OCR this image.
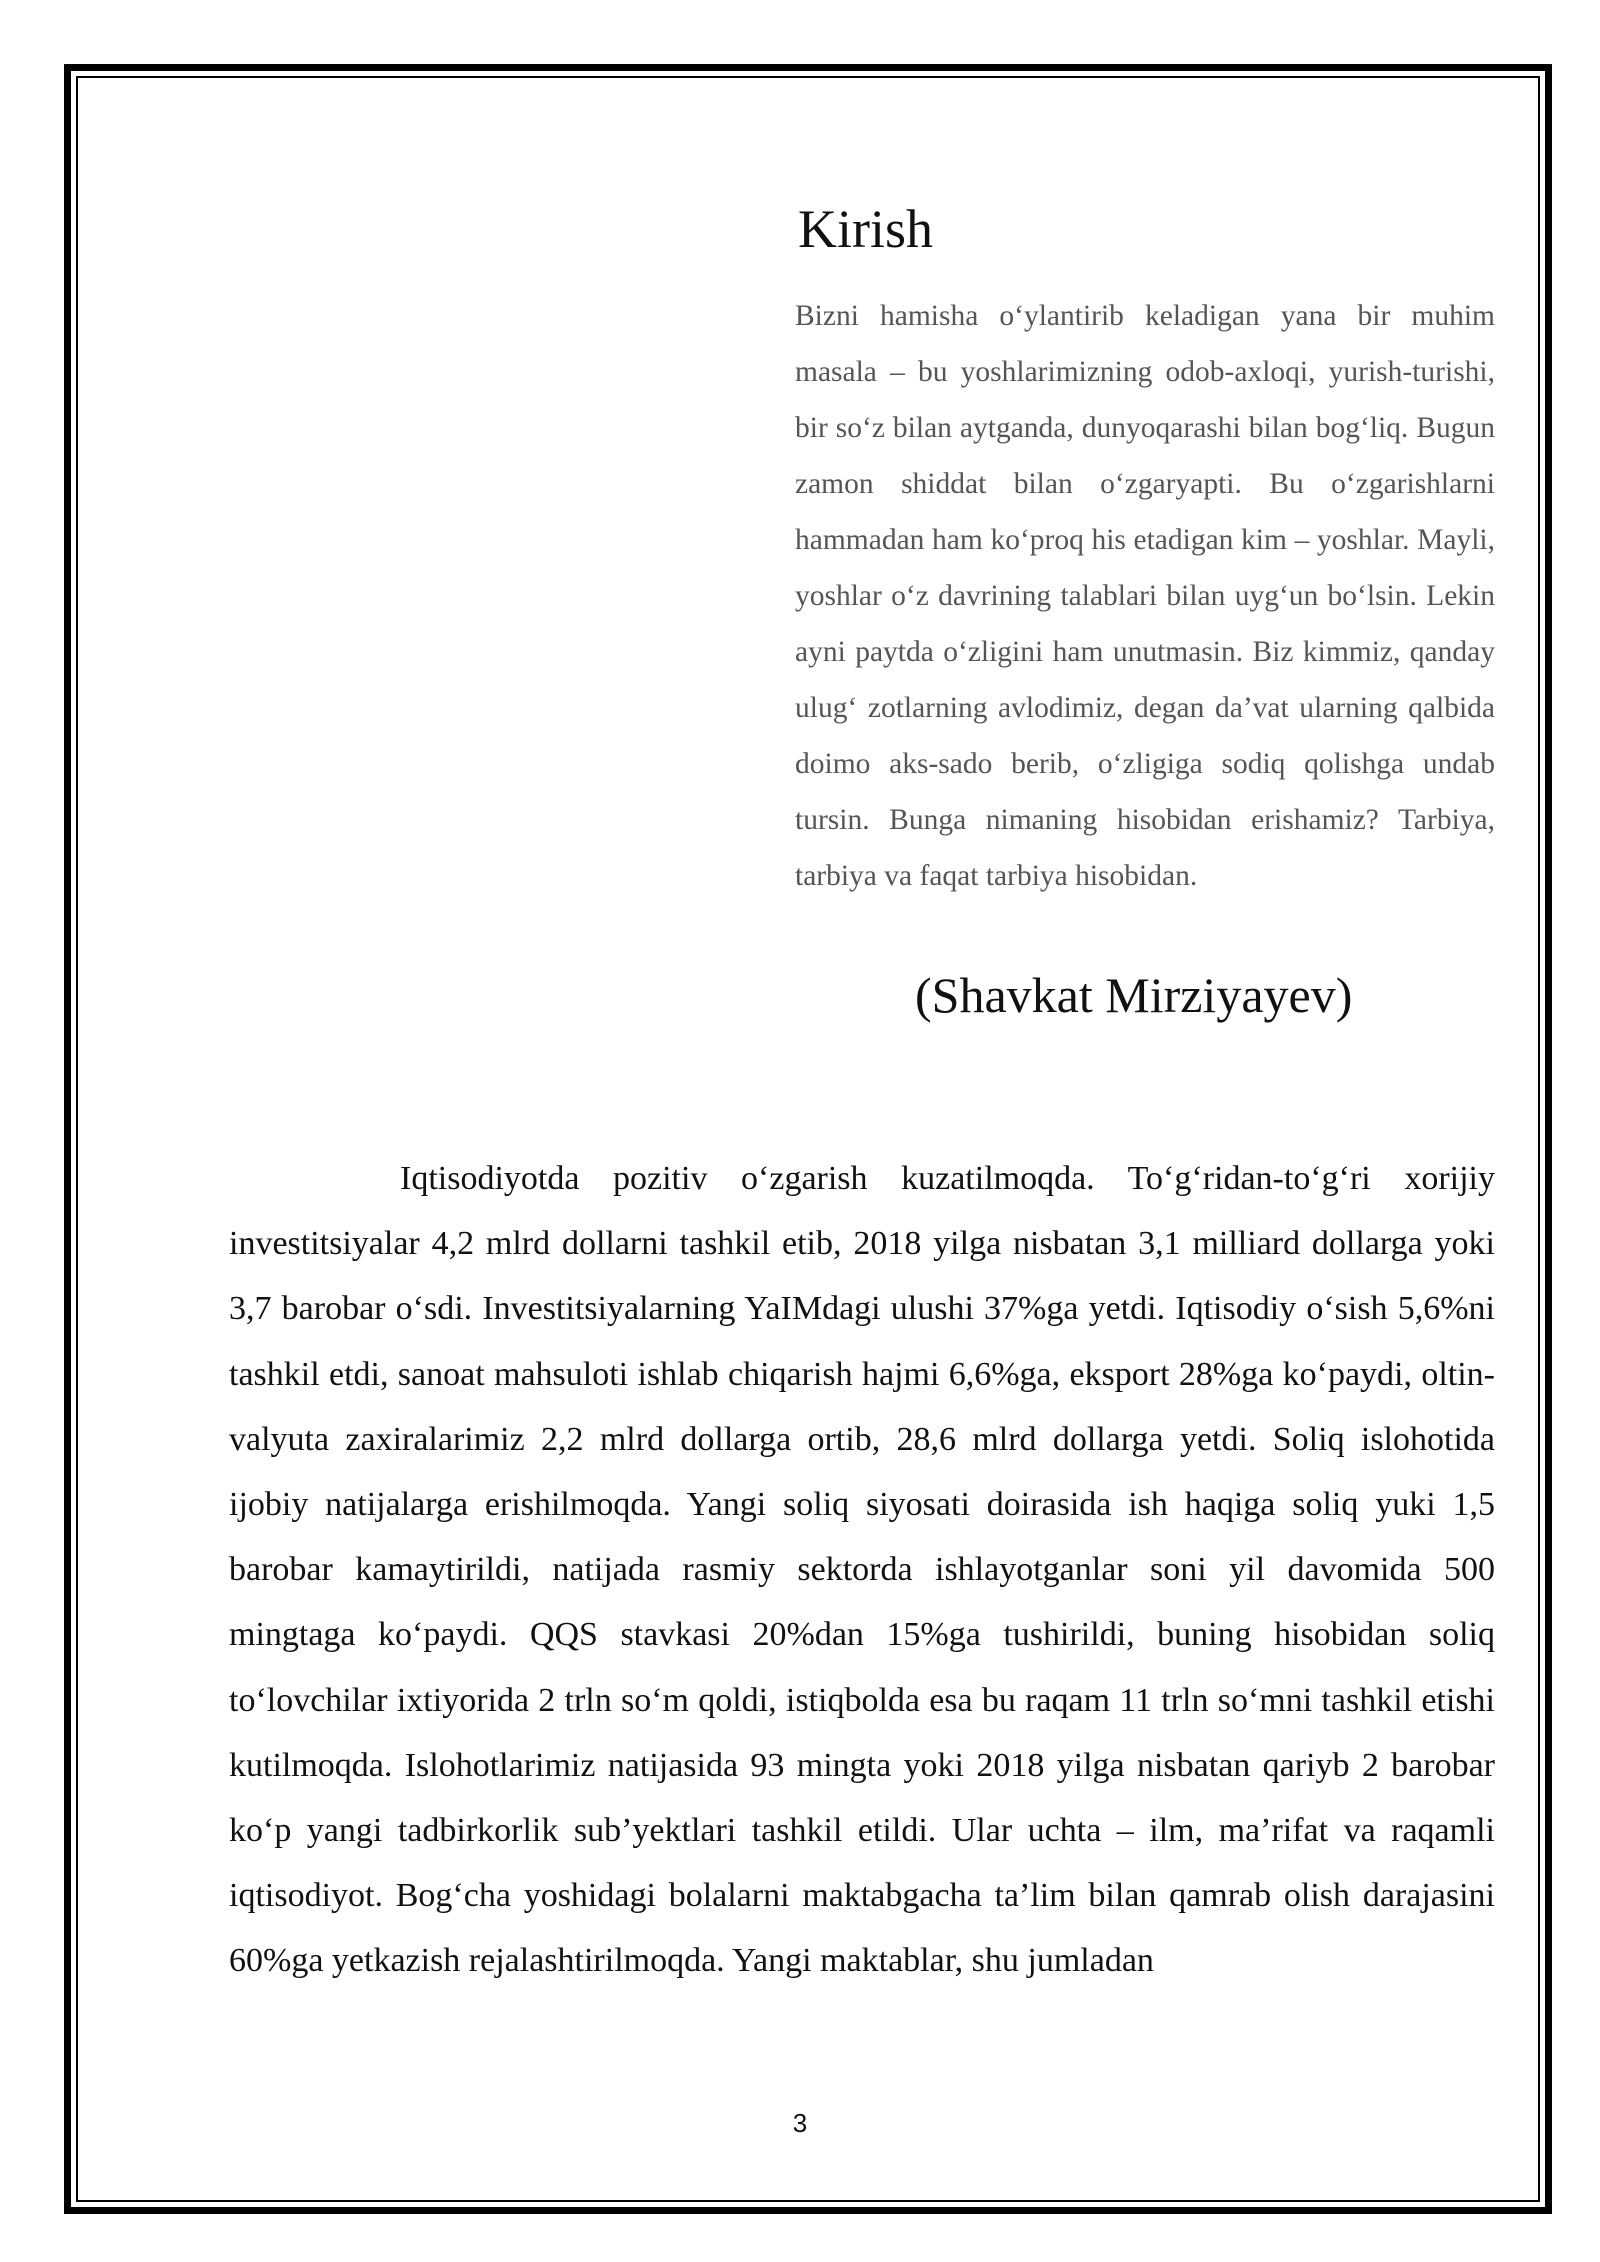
Kirish

Bizni hamisha o‘ylantirib keladigan yana bir muhim masala – bu yoshlarimizning odob-axloqi, yurish-turishi, bir so‘z bilan aytganda, dunyoqarashi bilan bog‘liq. Bugun zamon shiddat bilan o‘zgaryapti. Bu o‘zgarishlarni hammadan ham ko‘proq his etadigan kim – yoshlar. Mayli, yoshlar o‘z davrining talablari bilan uyg‘un bo‘lsin. Lekin ayni paytda o‘zligini ham unutmasin. Biz kimmiz, qanday ulug‘ zotlarning avlodimiz, degan da’vat ularning qalbida doimo aks-sado berib, o‘zligiga sodiq qolishga undab tursin. Bunga nimaning hisobidan erishamiz? Tarbiya, tarbiya va faqat tarbiya hisobidan.

(Shavkat Mirziyayev)

Iqtisodiyotda pozitiv o‘zgarish kuzatilmoqda. To‘g‘ridan-to‘g‘ri xorijiy investitsiyalar 4,2 mlrd dollarni tashkil etib, 2018 yilga nisbatan 3,1 milliard dollarga yoki 3,7 barobar o‘sdi. Investitsiyalarning YaIMdagi ulushi 37%ga yetdi. Iqtisodiy o‘sish 5,6%ni tashkil etdi, sanoat mahsuloti ishlab chiqarish hajmi 6,6%ga, eksport 28%ga ko‘paydi, oltin-valyuta zaxiralarimiz 2,2 mlrd dollarga ortib, 28,6 mlrd dollarga yetdi. Soliq islohotida ijobiy natijalarga erishilmoqda. Yangi soliq siyosati doirasida ish haqiga soliq yuki 1,5 barobar kamaytirildi, natijada rasmiy sektorda ishlayotganlar soni yil davomida 500 mingtaga ko‘paydi. QQS stavkasi 20%dan 15%ga tushirildi, buning hisobidan soliq to‘lovchilar ixtiyorida 2 trln so‘m qoldi, istiqbolda esa bu raqam 11 trln so‘mni tashkil etishi kutilmoqda. Islohotlarimiz natijasida 93 mingta yoki 2018 yilga nisbatan qariyb 2 barobar ko‘p yangi tadbirkorlik sub’yektlari tashkil etildi. Ular uchta – ilm, ma’rifat va raqamli iqtisodiyot. Bog‘cha yoshidagi bolalarni maktabgacha ta’lim bilan qamrab olish darajasini 60%ga yetkazish rejalashtirilmoqda. Yangi maktablar, shu jumladan

3
